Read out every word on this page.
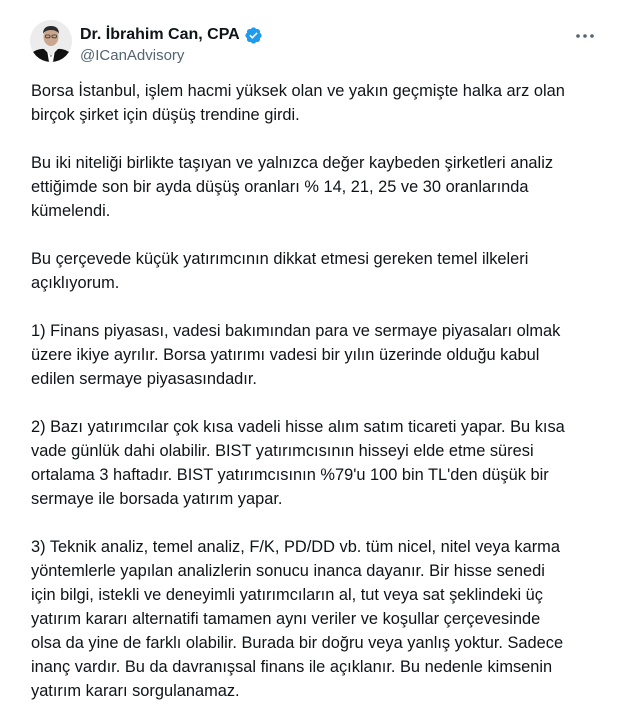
Dr. İbrahim Can, CPA
@ICanAdvisory

Borsa İstanbul, işlem hacmi yüksek olan ve yakın geçmişte halka arz olan
birçok şirket için düşüş trendine girdi.

Bu iki niteliği birlikte taşıyan ve yalnızca değer kaybeden şirketleri analiz
ettiğimde son bir ayda düşüş oranları % 14, 21, 25 ve 30 oranlarında
kümelendi.

Bu çerçevede küçük yatırımcının dikkat etmesi gereken temel ilkeleri
açıklıyorum.

1) Finans piyasası, vadesi bakımından para ve sermaye piyasaları olmak
üzere ikiye ayrılır. Borsa yatırımı vadesi bir yılın üzerinde olduğu kabul
edilen sermaye piyasasındadır.

2) Bazı yatırımcılar çok kısa vadeli hisse alım satım ticareti yapar. Bu kısa
vade günlük dahi olabilir. BIST yatırımcısının hisseyi elde etme süresi
ortalama 3 haftadır. BIST yatırımcısının %79'u 100 bin TL'den düşük bir
sermaye ile borsada yatırım yapar.

3) Teknik analiz, temel analiz, F/K, PD/DD vb. tüm nicel, nitel veya karma
yöntemlerle yapılan analizlerin sonucu inanca dayanır. Bir hisse senedi
için bilgi, istekli ve deneyimli yatırımcıların al, tut veya sat şeklindeki üç
yatırım kararı alternatifi tamamen aynı veriler ve koşullar çerçevesinde
olsa da yine de farklı olabilir. Burada bir doğru veya yanlış yoktur. Sadece
inanç vardır. Bu da davranışsal finans ile açıklanır. Bu nedenle kimsenin
yatırım kararı sorgulanamaz.
